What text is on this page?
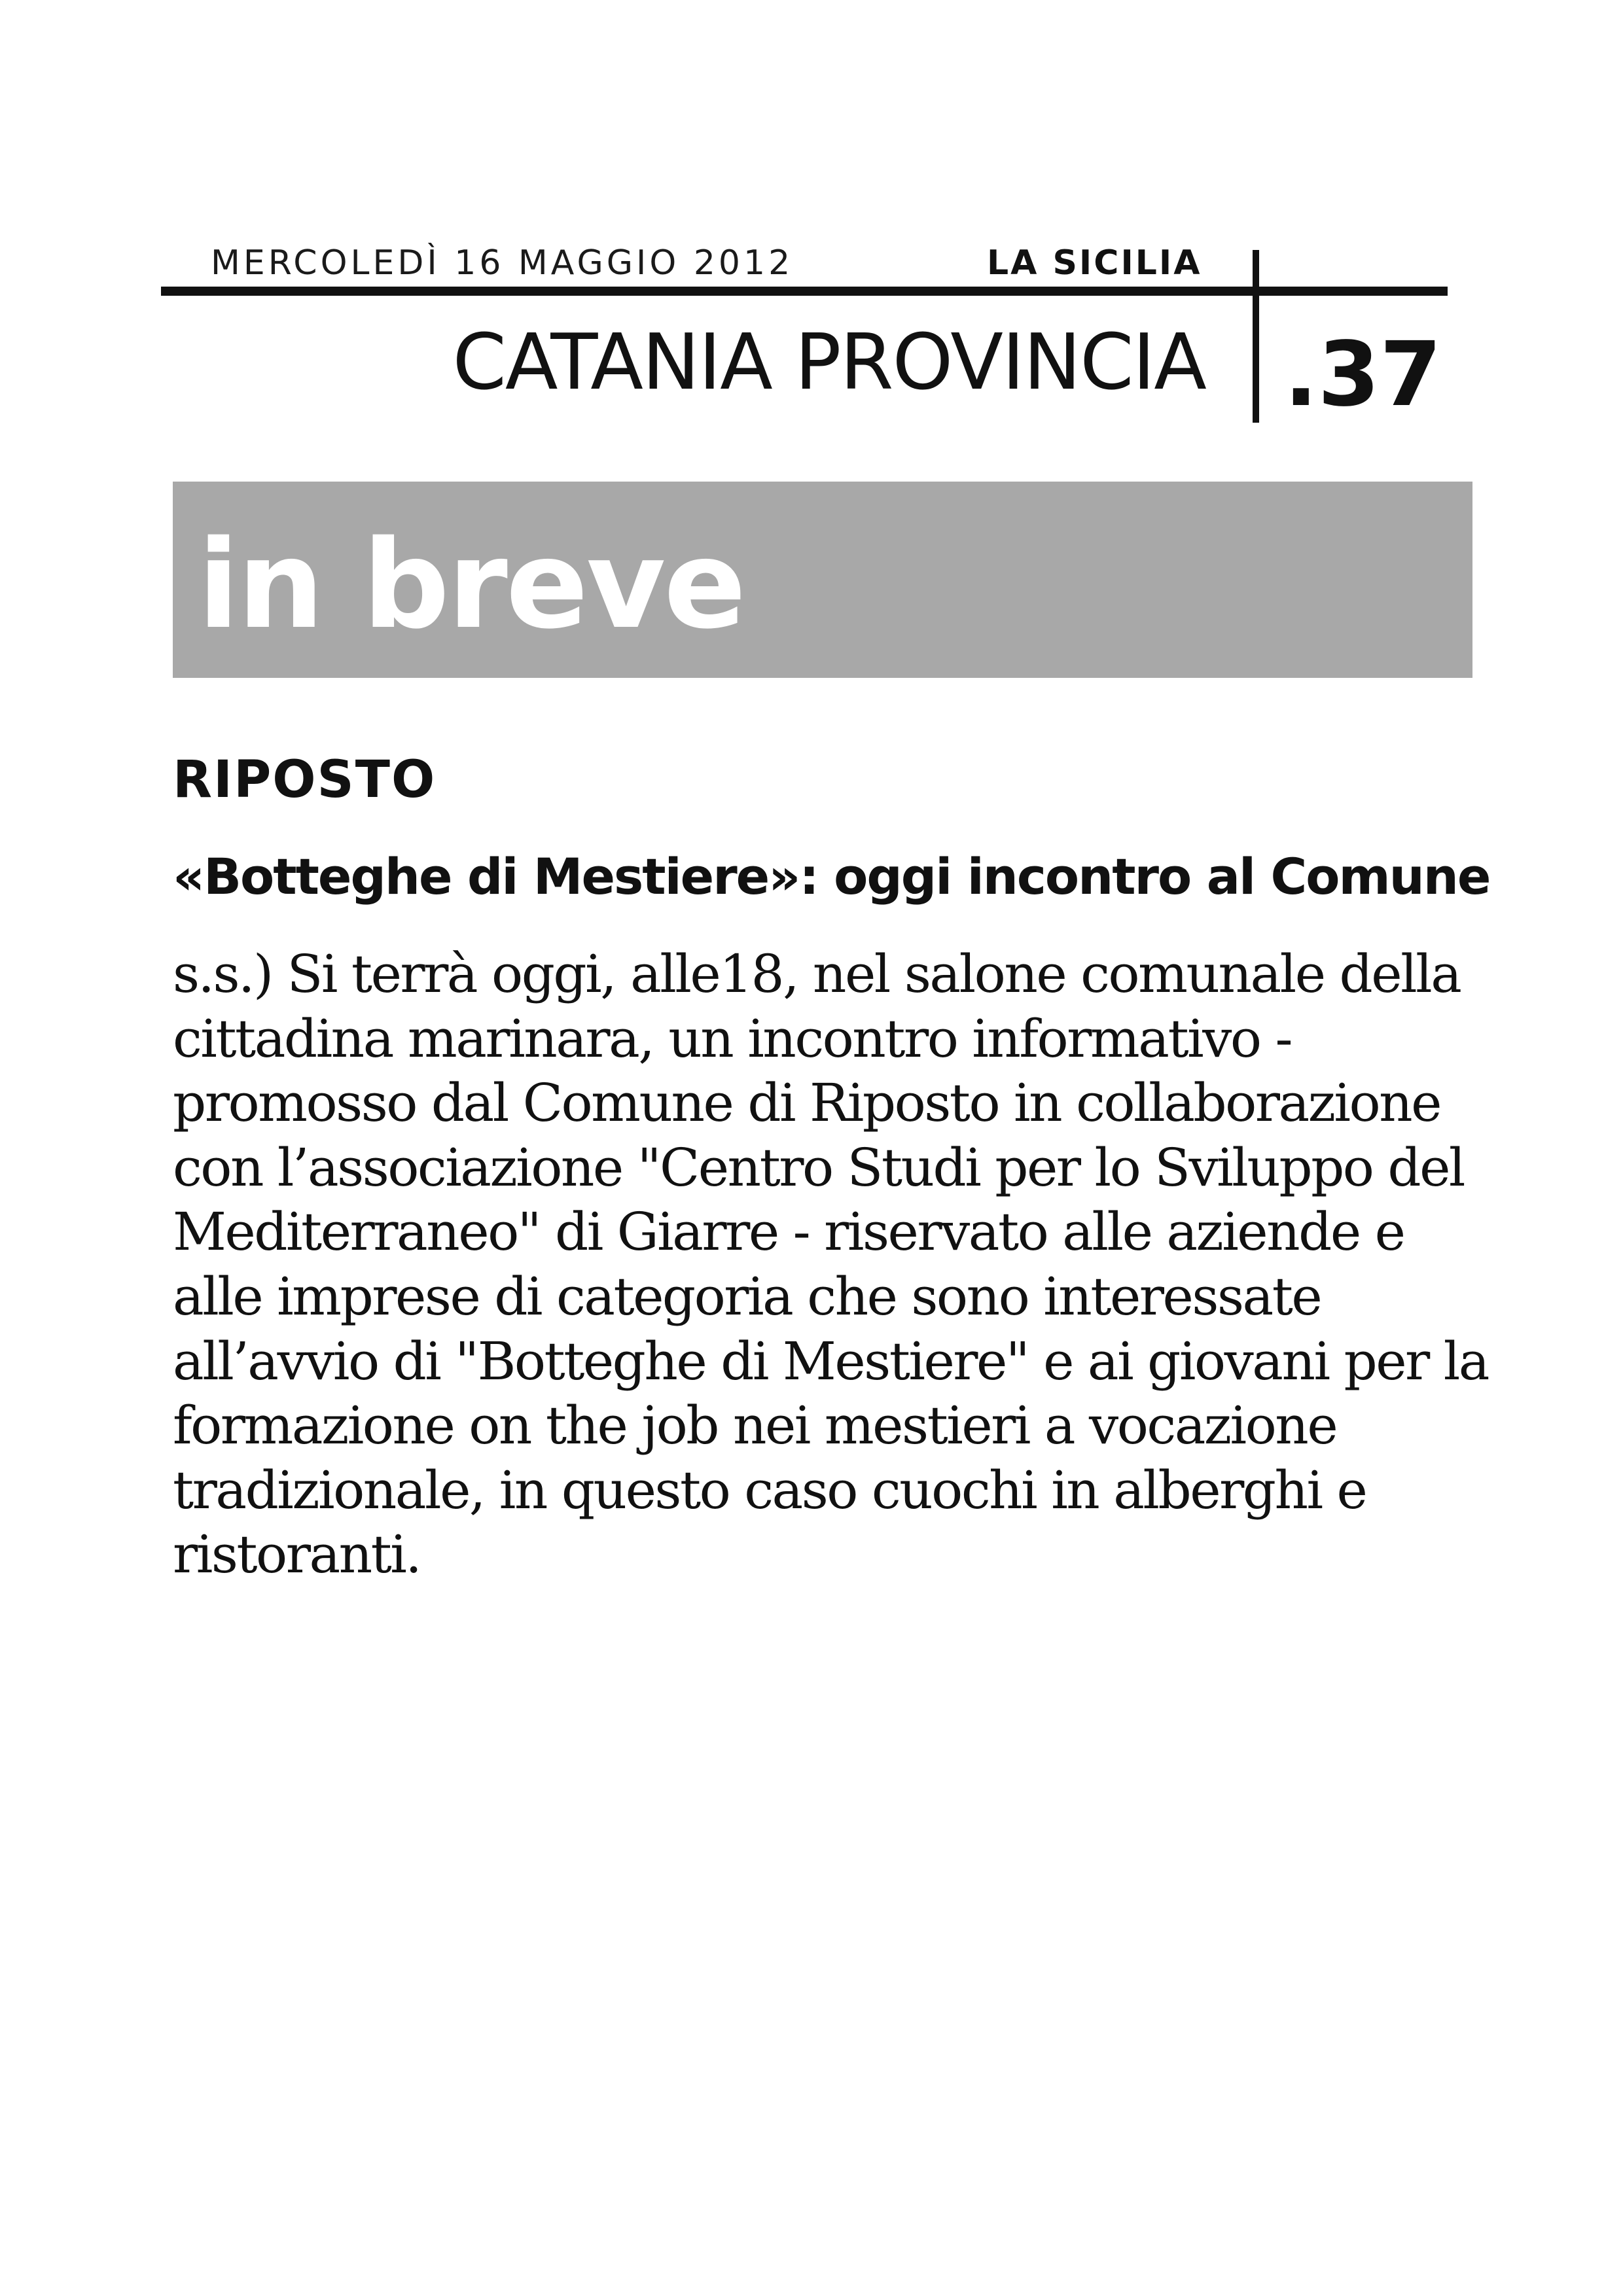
MERCOLEDÌ 16 MAGGIO 2012	LA SICILIA
CATANIA PROVINCIA .37
in breve
RIPOSTO
«Botteghe di Mestiere»: oggi incontro al Comune

s.s.) Si terrà oggi, alle18, nel salone comunale della
cittadina marinara, un incontro informativo -
promosso dal Comune di Riposto in collaborazione
con l’associazione "Centro Studi per lo Sviluppo del
Mediterraneo" di Giarre - riservato alle aziende e
alle imprese di categoria che sono interessate
all’avvio di "Botteghe di Mestiere" e ai giovani per la
formazione on the job nei mestieri a vocazione
tradizionale, in questo caso cuochi in alberghi e
ristoranti.
